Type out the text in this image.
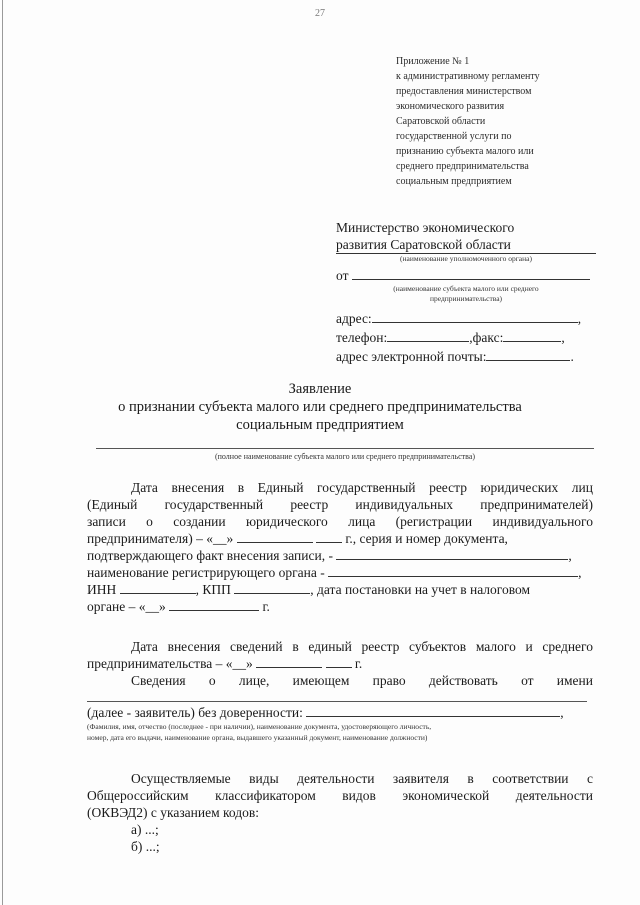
27
Приложение № 1
к административному регламенту
предоставления министерством
экономического развития
Саратовской области
государственной услуги по
признанию субъекта малого или
среднего предпринимательства
социальным предприятием
Министерство экономического
развития Саратовской области
(наименование уполномоченного органа)
от
(наименование субъекта малого или среднего
предпринимательства)
адрес:	,
телефон:	,факс:	,
адрес электронной почты:	.
Заявление
о признании субъекта малого или среднего предпринимательства
социальным предприятием
(полное наименование субъекта малого или среднего предпринимательства)
Дата внесения в Единый государственный реестр юридических лиц
(Единый государственный реестр индивидуальных предпринимателей)
записи о создании юридического лица (регистрации индивидуального
предпринимателя) – «__»	г., серия и номер документа,
подтверждающего факт внесения записи, -	,
наименование регистрирующего органа -	,
ИНН	, КПП	, дата постановки на учет в налоговом
органе – «__»	г.
Дата внесения сведений в единый реестр субъектов малого и среднего
предпринимательства – «__»	г.
Сведения о лице, имеющем право действовать от имени
(далее - заявитель) без доверенности:	,
(Фамилия, имя, отчество (последнее - при наличии), наименование документа, удостоверяющего личность,
номер, дата его выдачи, наименование органа, выдавшего указанный документ, наименование должности)
Осуществляемые виды деятельности заявителя в соответствии с
Общероссийским классификатором видов экономической деятельности
(ОКВЭД2) с указанием кодов:
а) ...;
б) ...;
